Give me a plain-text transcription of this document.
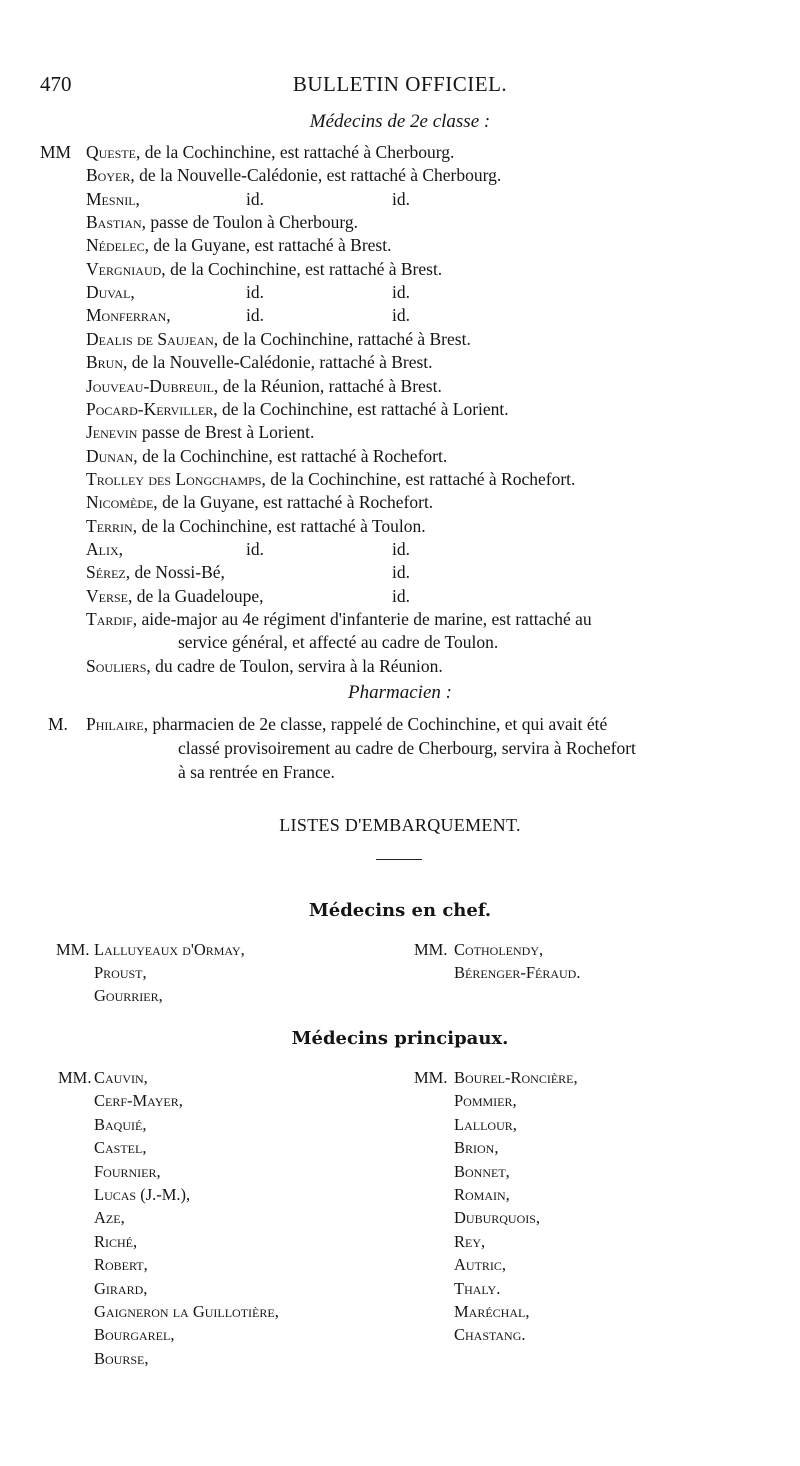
470	BULLETIN OFFICIEL.
Médecins de 2e classe :
MM Queste, de la Cochinchine, est rattaché à Cherbourg.
Boyer, de la Nouvelle-Calédonie, est rattaché à Cherbourg.
Mesnil,	id.	id.
Bastian, passe de Toulon à Cherbourg.
Nédelec, de la Guyane, est rattaché à Brest.
Vergniaud, de la Cochinchine, est rattaché à Brest.
Duval,	id.	id.
Monferran,	id.	id.
Dealis de Saujean, de la Cochinchine, rattaché à Brest.
Brun, de la Nouvelle-Calédonie, rattaché à Brest.
Jouveau-Dubreuil, de la Réunion, rattaché à Brest.
Pocard-Kerviller, de la Cochinchine, est rattaché à Lorient.
Jenevin passe de Brest à Lorient.
Dunan, de la Cochinchine, est rattaché à Rochefort.
Trolley des Longchamps, de la Cochinchine, est rattaché à Rochefort.
Nicomède, de la Guyane, est rattaché à Rochefort.
Terrin, de la Cochinchine, est rattaché à Toulon.
Alix,	id.	id.
Sérez, de Nossi-Bé,	id.
Verse, de la Guadeloupe,	id.
Tardif, aide-major au 4e régiment d'infanterie de marine, est rattaché au
service général, et affecté au cadre de Toulon.
Souliers, du cadre de Toulon, servira à la Réunion.
Pharmacien :
M. Philaire, pharmacien de 2e classe, rappelé de Cochinchine, et qui avait été
classé provisoirement au cadre de Cherbourg, servira à Rochefort
à sa rentrée en France.
LISTES D'EMBARQUEMENT.
Médecins en chef.
MM. Lalluyeaux d'Ormay,
Proust,
Gourrier,
MM. Cotholendy,
Bérenger-Féraud.
Médecins principaux.
MM. Cauvin,
Cerf-Mayer,
Baquié,
Castel,
Fournier,
Lucas (J.-M.),
Aze,
Riché,
Robert,
Girard,
Gaigneron la Guillotière,
Bourgarel,
Bourse,
MM. Bourel-Roncière,
Pommier,
Lallour,
Brion,
Bonnet,
Romain,
Duburquois,
Rey,
Autric,
Thaly.
Maréchal,
Chastang.
